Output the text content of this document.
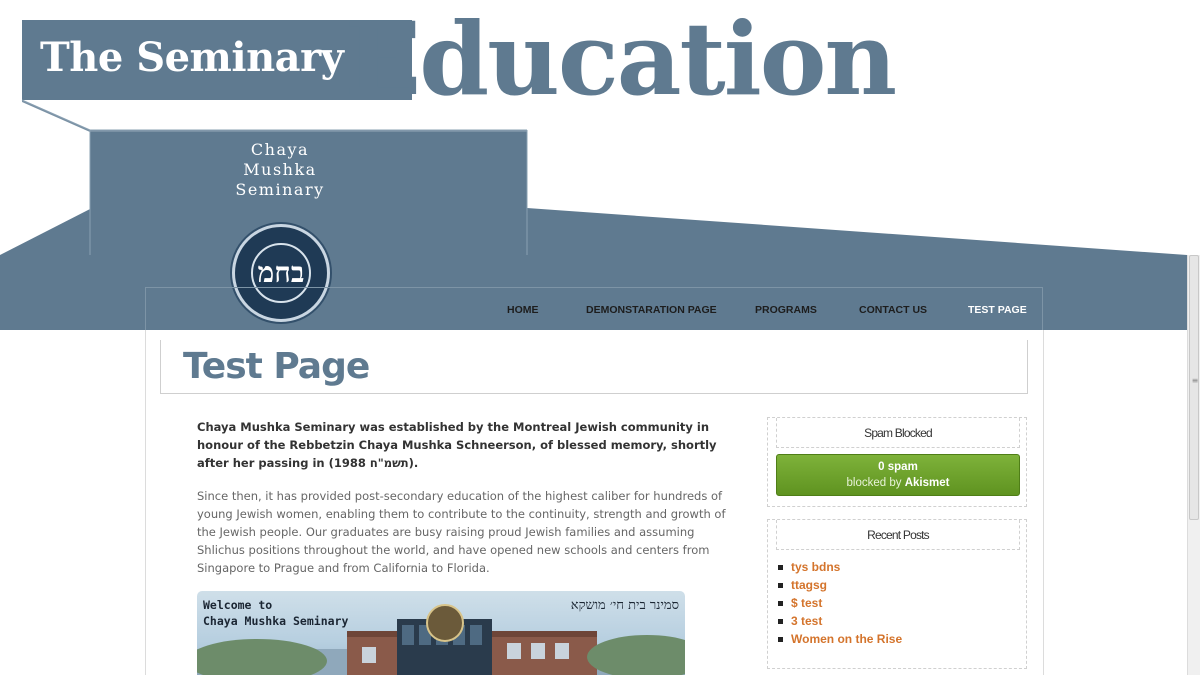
The Seminary |
Education
Chaya
Mushka
Seminary
בחמ
HOME	DEMONSTARATION PAGE	PROGRAMS	CONTACT US	TEST PAGE
Test Page

Chaya Mushka Seminary was established by the Montreal Jewish community in honour of the Rebbetzin Chaya Mushka Schneerson, of blessed memory, shortly after her passing in (תשמ"ח 1988).

Since then, it has provided post-secondary education of the highest caliber for hundreds of young Jewish women, enabling them to contribute to the continuity, strength and growth of the Jewish people. Our graduates are busy raising proud Jewish families and assuming Shlichus positions throughout the world, and have opened new schools and centers from Singapore to Prague and from California to Florida.

Welcome to
Chaya Mushka Seminary
סמינר בית חי׳ מושקא
Spam Blocked
0 spam
blocked by Akismet
Recent Posts
tys bdns
ttagsg
$ test
3 test
Women on the Rise
≡
